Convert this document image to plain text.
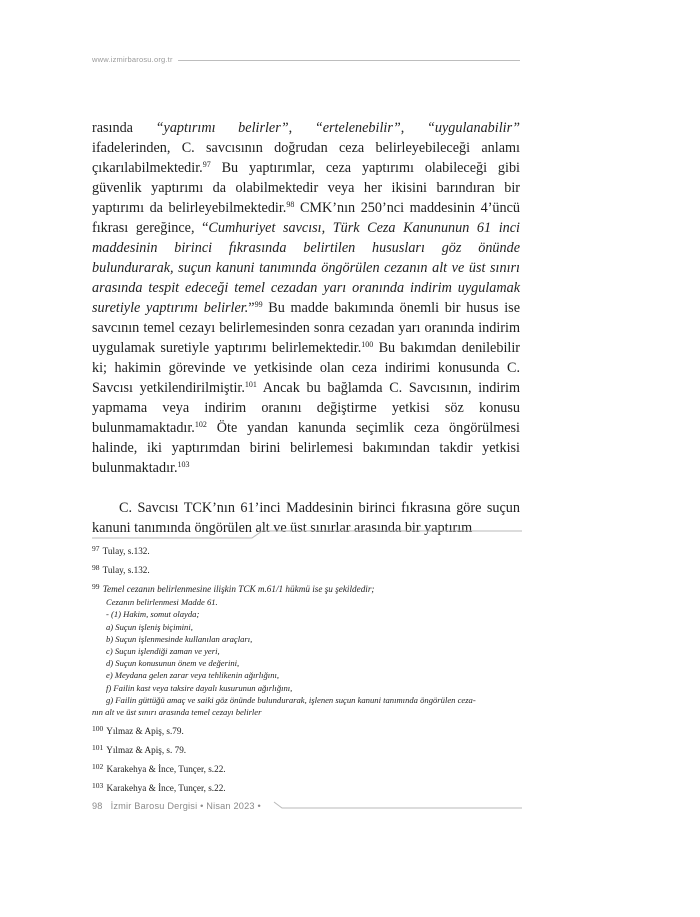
www.izmirbarosu.org.tr

rasında “yaptırımı belirler”, “ertelenebilir”, “uygulanabilir” ifadelerinden, C. savcısının doğrudan ceza belirleyebileceği anlamı çıkarılabilmektedir.$^{97}$ Bu yaptırımlar, ceza yaptırımı olabileceği gibi güvenlik yaptırımı da olabilmektedir veya her ikisini barındıran bir yaptırımı da belirleyebilmektedir.$^{98}$ CMK’nın 250’nci maddesinin 4’üncü fıkrası gereğince, “Cumhuriyet savcısı, Türk Ceza Kanununun 61 inci maddesinin birinci fıkrasında belirtilen hususları göz önünde bulundurarak, suçun kanuni tanımında öngörülen cezanın alt ve üst sınırı arasında tespit edeceği temel cezadan yarı oranında indirim uygulamak suretiyle yaptırımı belirler.”$^{99}$ Bu madde bakımında önemli bir husus ise savcının temel cezayı belirlemesinden sonra cezadan yarı oranında indirim uygulamak suretiyle yaptırımı belirlemektedir.$^{100}$ Bu bakımdan denilebilir ki; hakimin görevinde ve yetkisinde olan ceza indirimi konusunda C. Savcısı yetkilendirilmiştir.$^{101}$ Ancak bu bağlamda C. Savcısının, indirim yapmama veya indirim oranını değiştirme yetkisi söz konusu bulunmamaktadır.$^{102}$ Öte yandan kanunda seçimlik ceza öngörülmesi halinde, iki yaptırımdan birini belirlemesi bakımından takdir yetkisi bulunmaktadır.$^{103}$

C. Savcısı TCK’nın 61’inci Maddesinin birinci fıkrasına göre suçun kanuni tanımında öngörülen alt ve üst sınırlar arasında bir yaptırım

$^{97}$ Tulay, s.132.
$^{98}$ Tulay, s.132.
$^{99}$ Temel cezanın belirlenmesine ilişkin TCK m.61/1 hükmü ise şu şekildedir;
Cezanın belirlenmesi Madde 61.
- (1) Hakim, somut olayda;
a) Suçun işleniş biçimini,
b) Suçun işlenmesinde kullanılan araçları,
c) Suçun işlendiği zaman ve yeri,
d) Suçun konusunun önem ve değerini,
e) Meydana gelen zarar veya tehlikenin ağırlığını,
f) Failin kast veya taksire dayalı kusurunun ağırlığını,
g) Failin güttüğü amaç ve saiki göz önünde bulundurarak, işlenen suçun kanuni tanımında öngörülen ceza-
nın alt ve üst sınırı arasında temel cezayı belirler
$^{100}$ Yılmaz & Apiş, s.79.
$^{101}$ Yılmaz & Apiş, s. 79.
$^{102}$ Karakehya & İnce, Tunçer, s.22.
$^{103}$ Karakehya & İnce, Tunçer, s.22.
98 İzmir Barosu Dergisi • Nisan 2023 •
